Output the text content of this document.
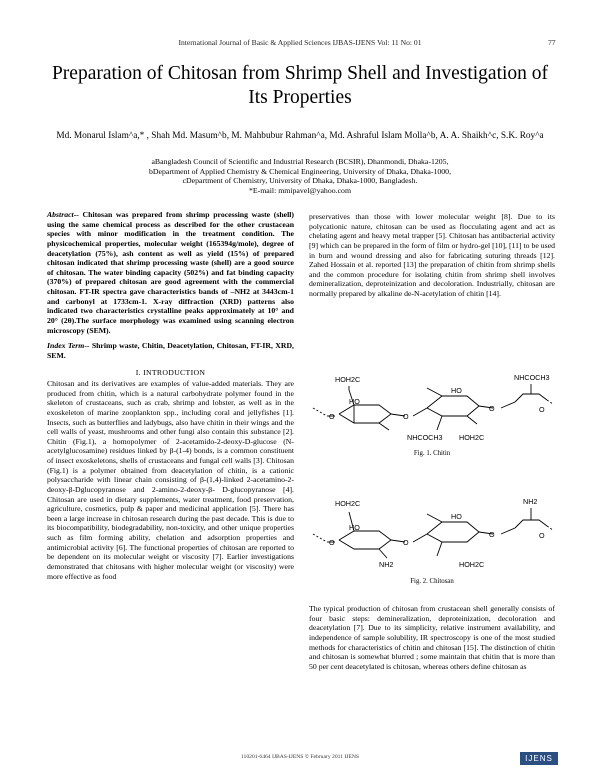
International Journal of Basic & Applied Sciences IJBAS-IJENS Vol: 11 No: 01	77
Preparation of Chitosan from Shrimp Shell and Investigation of Its Properties
Md. Monarul Islam^a,* , Shah Md. Masum^b, M. Mahbubur Rahman^a, Md. Ashraful Islam Molla^b, A. A. Shaikh^c, S.K. Roy^a
aBangladesh Council of Scientific and Industrial Research (BCSIR), Dhanmondi, Dhaka-1205,
bDepartment of Applied Chemistry & Chemical Engineering, University of Dhaka, Dhaka-1000,
cDepartment of Chemistry, University of Dhaka, Dhaka-1000, Bangladesh.
*E-mail: mmipavel@yahoo.com

Abstract-- Chitosan was prepared from shrimp processing waste (shell) using the same chemical process as described for the other crustacean species with minor modification in the treatment condition. The physicochemical properties, molecular weight (165394g/mole), degree of deacetylation (75%), ash content as well as yield (15%) of prepared chitosan indicated that shrimp processing waste (shell) are a good source of chitosan. The water binding capacity (502%) and fat binding capacity (370%) of prepared chitosan are good agreement with the commercial chitosan. FT-IR spectra gave characteristics bands of –NH2 at 3443cm-1 and carbonyl at 1733cm-1. X-ray diffraction (XRD) patterns also indicated two characteristics crystalline peaks approximately at 10° and 20° (2θ).The surface morphology was examined using scanning electron microscopy (SEM).

Index Term-- Shrimp waste, Chitin, Deacetylation, Chitosan, FT-IR, XRD, SEM.

I. INTRODUCTION

Chitosan and its derivatives are examples of value-added materials. They are produced from chitin, which is a natural carbohydrate polymer found in the skeleton of crustaceans, such as crab, shrimp and lobster, as well as in the exoskeleton of marine zooplankton spp., including coral and jellyfishes [1]. Insects, such as butterflies and ladybugs, also have chitin in their wings and the cell walls of yeast, mushrooms and other fungi also contain this substance [2]. Chitin (Fig.1), a homopolymer of 2-acetamido-2-deoxy-D-glucose (N-acetylglucosamine) residues linked by β-(1-4) bonds, is a common constituent of insect exoskeletons, shells of crustaceans and fungal cell walls [3]. Chitosan (Fig.1) is a polymer obtained from deacetylation of chitin, is a cationic polysaccharide with linear chain consisting of β-(1,4)-linked 2-acetamino-2-deoxy-β-Dglucopyranose and 2-amino-2-deoxy-β- D-glucopyranose [4]. Chitosan are used in dietary supplements, water treatment, food preservation, agriculture, cosmetics, pulp & paper and medicinal application [5]. There has been a large increase in chitosan research during the past decade. This is due to its biocompatibility, biodegradability, non-toxicity, and other unique properties such as film forming ability, chelation and adsorption properties and antimicrobial activity [6]. The functional properties of chitosan are reported to be dependent on its molecular weight or viscosity [7]. Earlier investigations demonstrated that chitosans with higher molecular weight (or viscosity) were more effective as food

preservatives than those with lower molecular weight [8]. Due to its polycationic nature, chitosan can be used as flocculating agent and act as chelating agent and heavy metal trapper [5]. Chitosan has antibacterial activity [9] which can be prepared in the form of film or hydro-gel [10], [11] to be used in burn and wound dressing and also for fabricating suturing threads [12]. Zahed Hossain et al. reported [13] the preparation of chitin from shrimp shells and the common procedure for isolating chitin from shrimp shell involves demineralization, deproteinization and decoloration. Industrially, chitosan are normally prepared by alkaline de-N-acetylation of chitin [14].

HOH2C	NHCOCH3
HO
HO
O	O
O	O
NHCOCH3 HOH2C
Fig. 1. Chitin
HOH2C	NH2
HO
HO
O	O
O	O
NH2	HOH2C
Fig. 2. Chitosan

The typical production of chitosan from crustacean shell generally consists of four basic steps: demineralization, deproteinization, decoloration and deacetylation [7]. Due to its simplicity, relative instrument availability, and independence of sample solubility, IR spectroscopy is one of the most studied methods for characteristics of chitin and chitosan [15]. The distinction of chitin and chitosan is somewhat blurred ; some maintain that chitin that is more than 50 per cent deacetylated is chitosan, whereas others define chitosan as

110201-6464 IJBAS-IJENS © February 2011 IJENS	IJENS
